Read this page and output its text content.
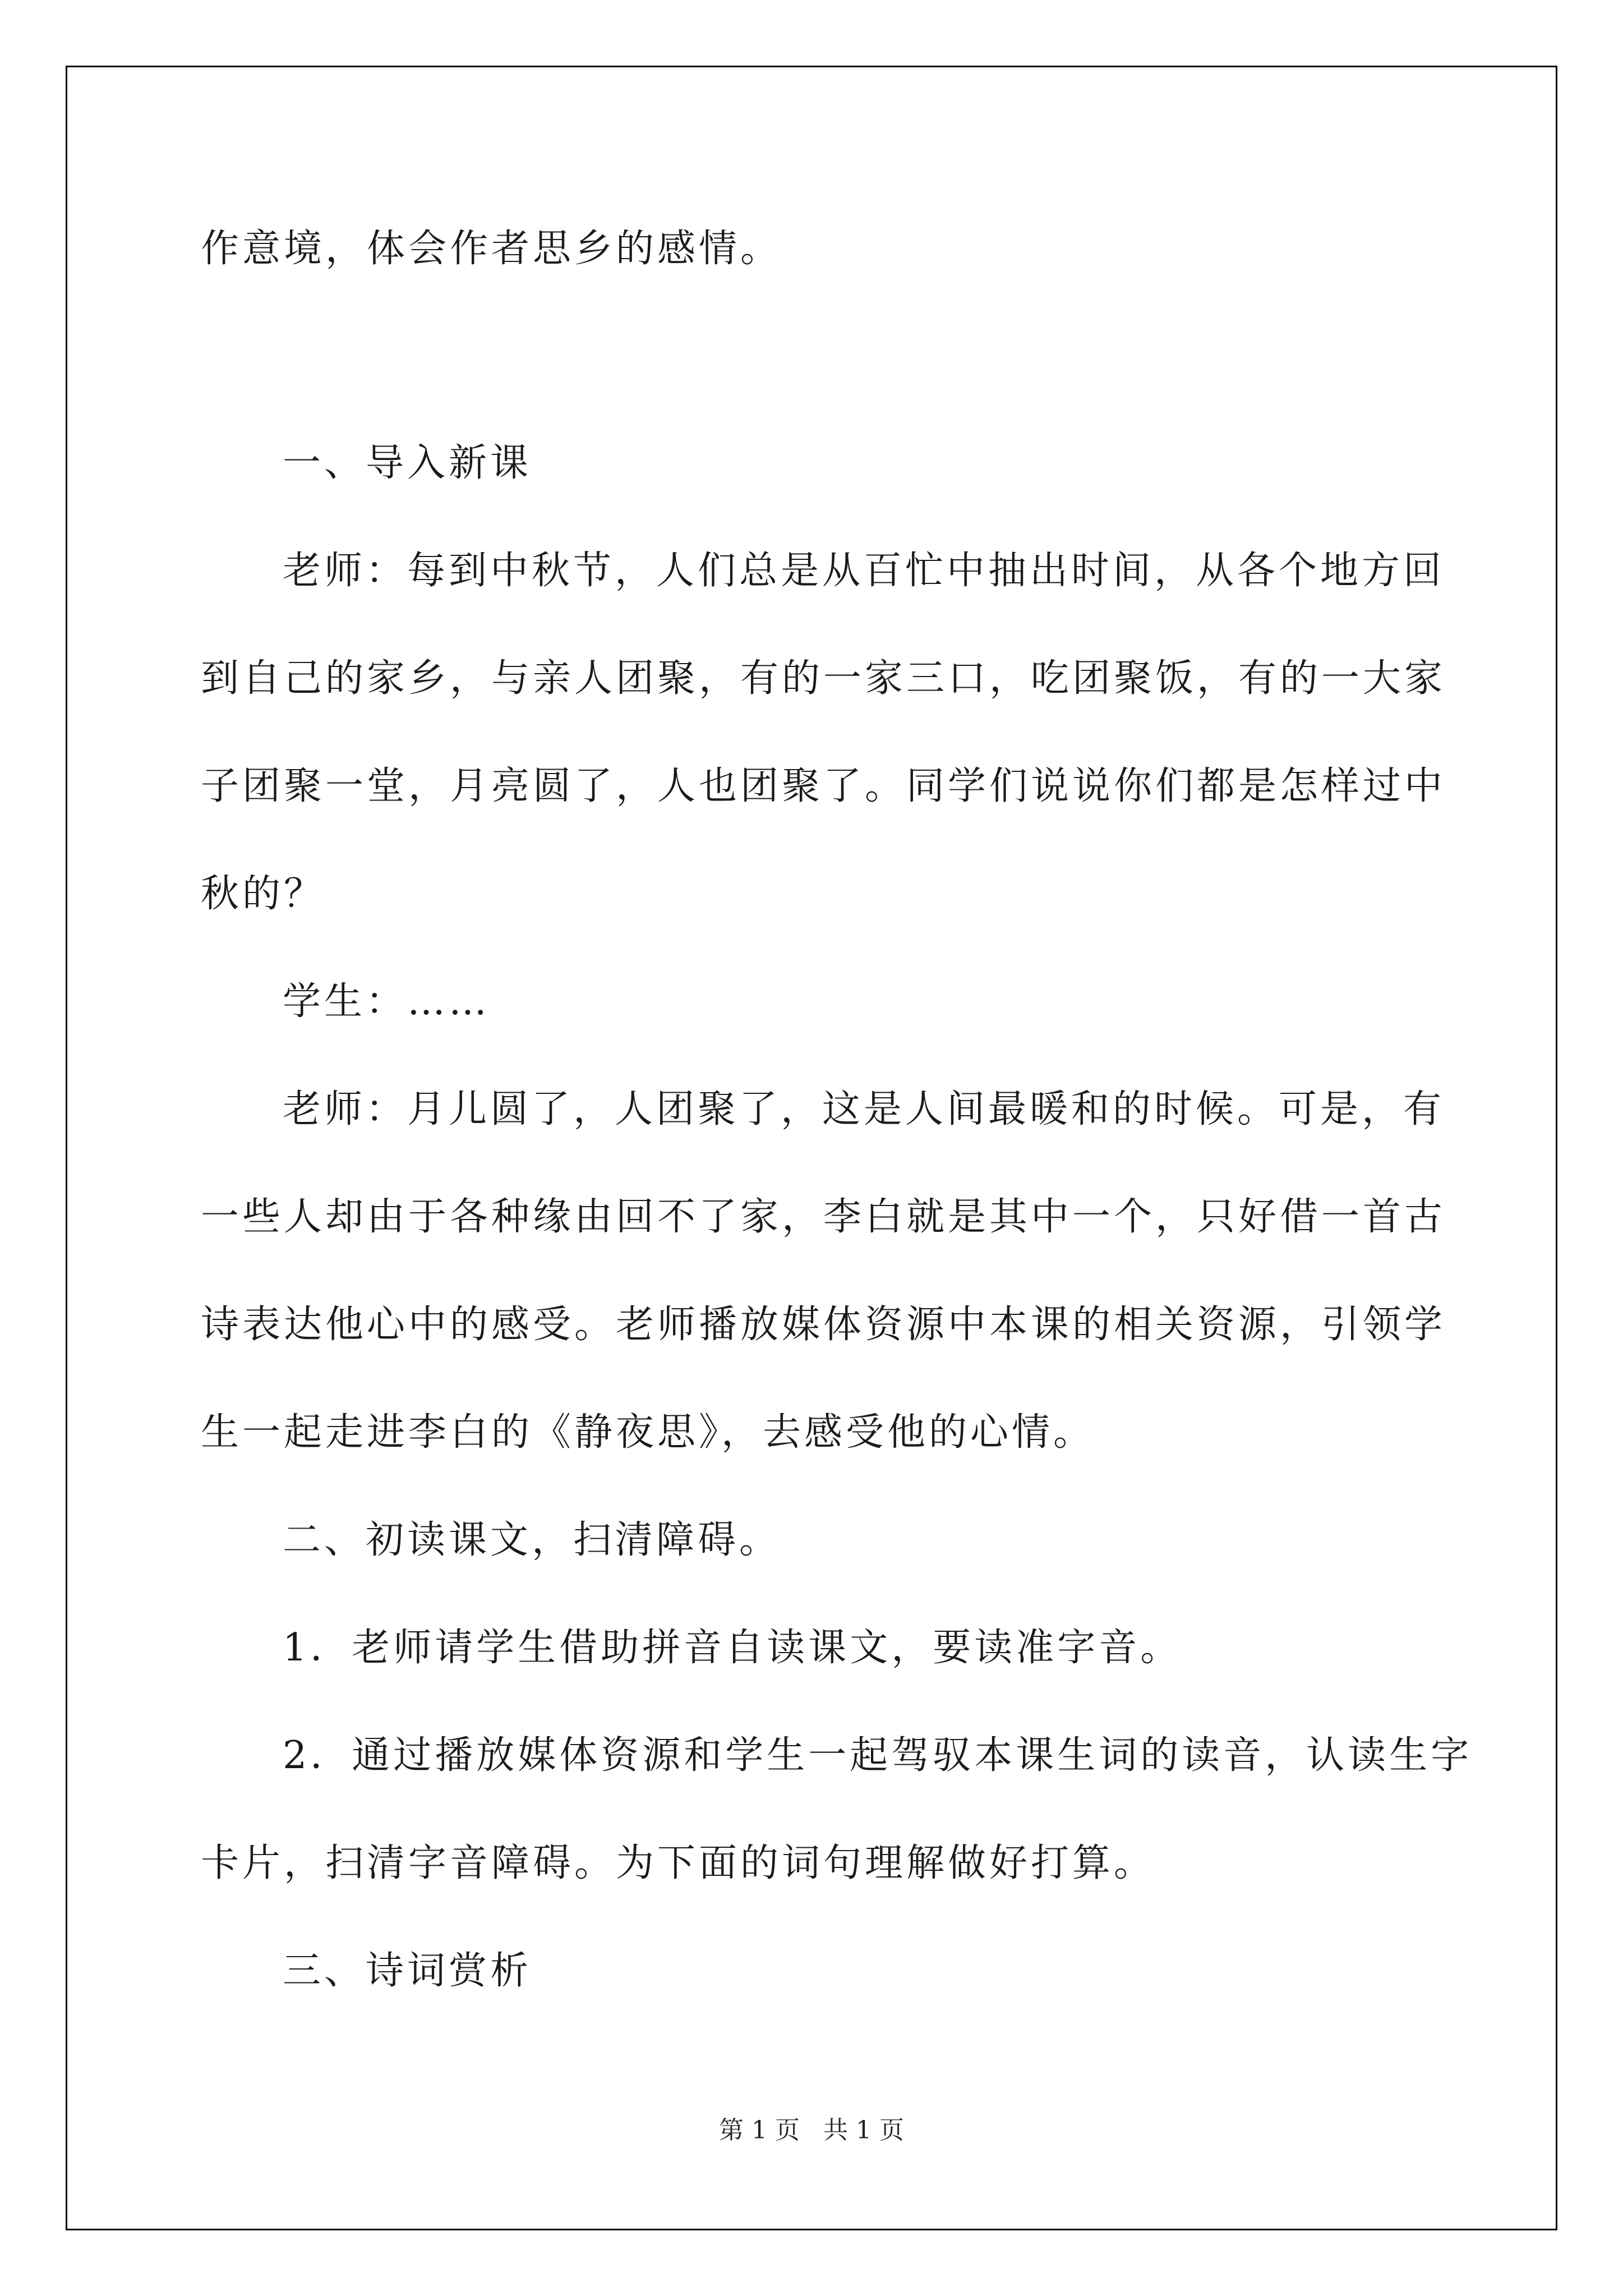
作意境，体会作者思乡的感情。
一、导入新课
老师：每到中秋节，人们总是从百忙中抽出时间，从各个地方回
到自己的家乡，与亲人团聚，有的一家三口，吃团聚饭，有的一大家
子团聚一堂，月亮圆了，人也团聚了。同学们说说你们都是怎样过中
秋的？
学生：……
老师：月儿圆了，人团聚了，这是人间最暖和的时候。可是，有
一些人却由于各种缘由回不了家，李白就是其中一个，只好借一首古
诗表达他心中的感受。老师播放媒体资源中本课的相关资源，引领学
生一起走进李白的《静夜思》，去感受他的心情。
二、初读课文，扫清障碍。
1．老师请学生借助拼音自读课文，要读准字音。
2．通过播放媒体资源和学生一起驾驭本课生词的读音，认读生字
卡片，扫清字音障碍。为下面的词句理解做好打算。
三、诗词赏析
第 1 页   共 1 页
